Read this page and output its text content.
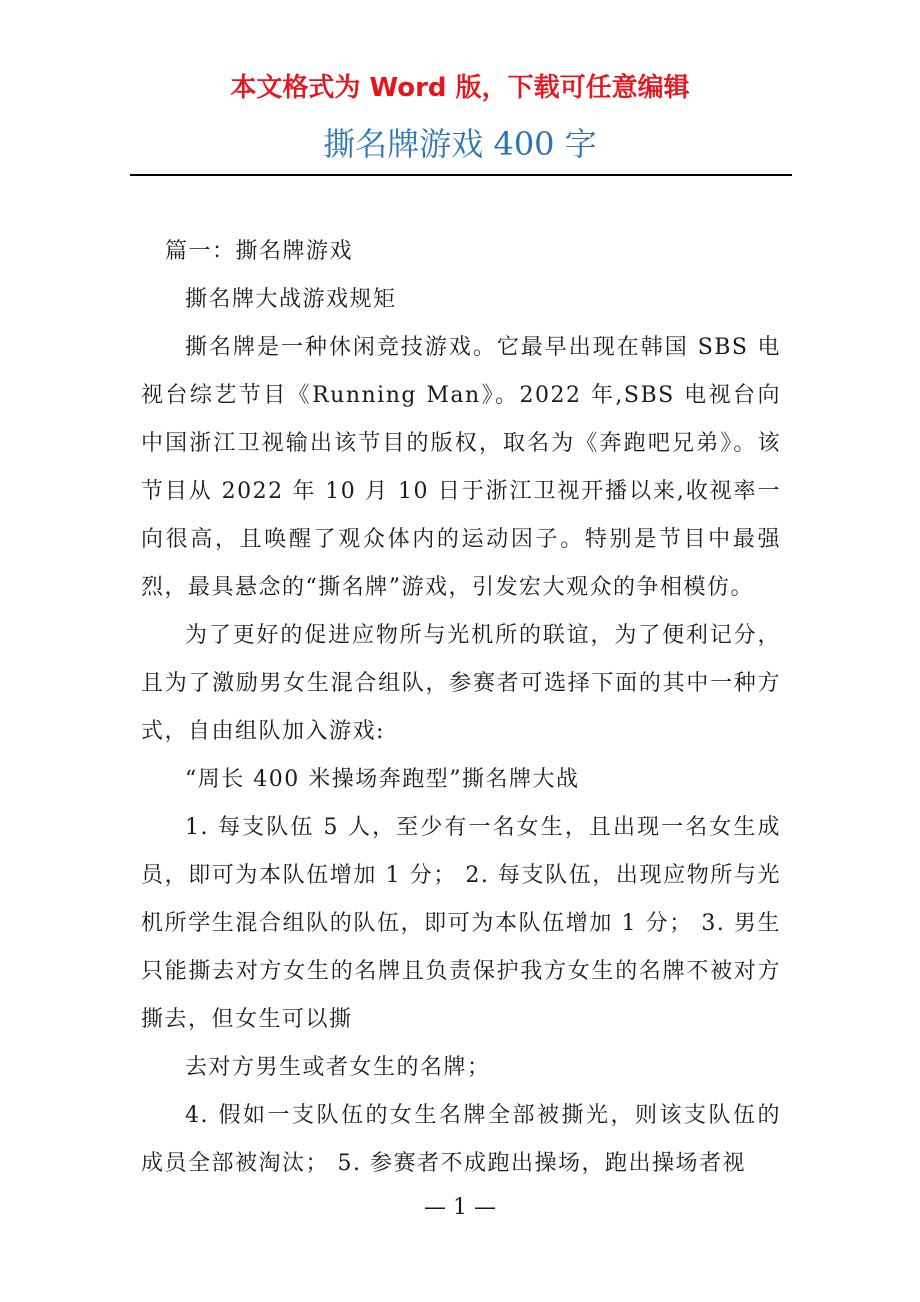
本文格式为 Word 版，下载可任意编辑
撕名牌游戏 400 字

篇一：撕名牌游戏

撕名牌大战游戏规矩

撕名牌是一种休闲竞技游戏。它最早出现在韩国 SBS 电视台综艺节目《Running Man》。2022 年,SBS 电视台向中国浙江卫视输出该节目的版权，取名为《奔跑吧兄弟》。该节目从 2022 年 10 月 10 日于浙江卫视开播以来,收视率一向很高，且唤醒了观众体内的运动因子。特别是节目中最强烈，最具悬念的“撕名牌”游戏，引发宏大观众的争相模仿。

为了更好的促进应物所与光机所的联谊，为了便利记分，且为了激励男女生混合组队，参赛者可选择下面的其中一种方式，自由组队加入游戏:

“周长 400 米操场奔跑型”撕名牌大战

1. 每支队伍 5 人，至少有一名女生，且出现一名女生成员，即可为本队伍增加 1 分； 2. 每支队伍，出现应物所与光机所学生混合组队的队伍，即可为本队伍增加 1 分； 3. 男生只能撕去对方女生的名牌且负责保护我方女生的名牌不被对方撕去，但女生可以撕

去对方男生或者女生的名牌；

4. 假如一支队伍的女生名牌全部被撕光，则该支队伍的成员全部被淘汰； 5. 参赛者不成跑出操场，跑出操场者视

— 1 —
